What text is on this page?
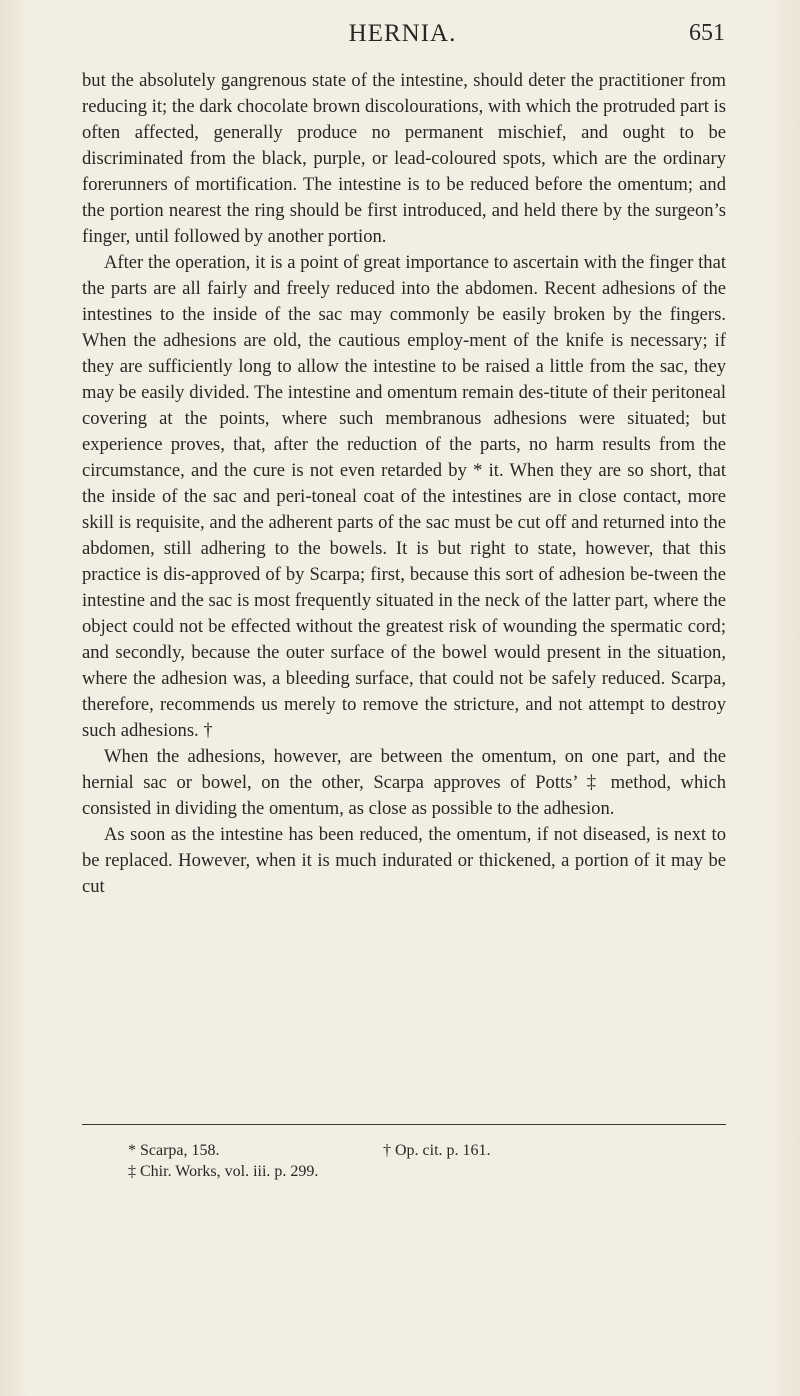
HERNIA.	651

but the absolutely gangrenous state of the intestine, should deter the practitioner from reducing it; the dark chocolate brown discolourations, with which the protruded part is often affected, generally produce no permanent mischief, and ought to be discriminated from the black, purple, or lead-coloured spots, which are the ordinary forerunners of mortification. The intestine is to be reduced before the omentum; and the portion nearest the ring should be first introduced, and held there by the surgeon’s finger, until followed by another portion.

After the operation, it is a point of great importance to ascertain with the finger that the parts are all fairly and freely reduced into the abdomen. Recent adhesions of the intestines to the inside of the sac may commonly be easily broken by the fingers. When the adhesions are old, the cautious employ-ment of the knife is necessary; if they are sufficiently long to allow the intestine to be raised a little from the sac, they may be easily divided. The intestine and omentum remain des-titute of their peritoneal covering at the points, where such membranous adhesions were situated; but experience proves, that, after the reduction of the parts, no harm results from the circumstance, and the cure is not even retarded by * it. When they are so short, that the inside of the sac and peri-toneal coat of the intestines are in close contact, more skill is requisite, and the adherent parts of the sac must be cut off and returned into the abdomen, still adhering to the bowels. It is but right to state, however, that this practice is dis-approved of by Scarpa; first, because this sort of adhesion be-tween the intestine and the sac is most frequently situated in the neck of the latter part, where the object could not be effected without the greatest risk of wounding the spermatic cord; and secondly, because the outer surface of the bowel would present in the situation, where the adhesion was, a bleeding surface, that could not be safely reduced. Scarpa, therefore, recommends us merely to remove the stricture, and not attempt to destroy such adhesions. †

When the adhesions, however, are between the omentum, on one part, and the hernial sac or bowel, on the other, Scarpa approves of Potts’ ‡ method, which consisted in dividing the omentum, as close as possible to the adhesion.

As soon as the intestine has been reduced, the omentum, if not diseased, is next to be replaced. However, when it is much indurated or thickened, a portion of it may be cut

* Scarpa, 158.	† Op. cit. p. 161.
‡ Chir. Works, vol. iii. p. 299.
